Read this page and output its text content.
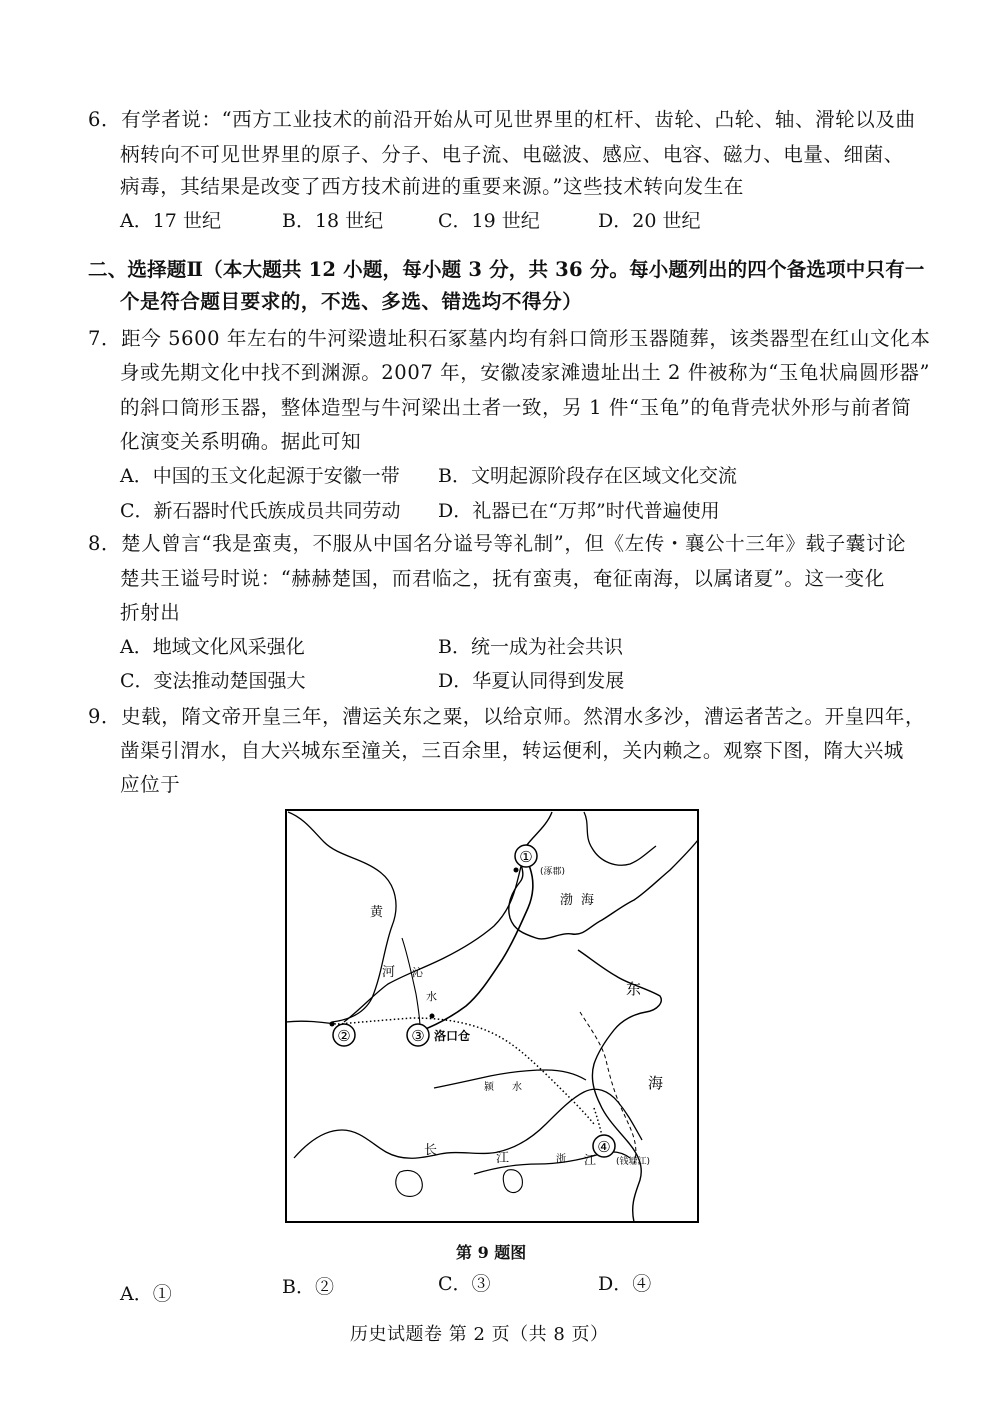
6．有学者说：“西方工业技术的前沿开始从可见世界里的杠杆、齿轮、凸轮、轴、滑轮以及曲
柄转向不可见世界里的原子、分子、电子流、电磁波、感应、电容、磁力、电量、细菌、
病毒，其结果是改变了西方技术前进的重要来源。”这些技术转向发生在
A．17 世纪	B．18 世纪	C．19 世纪	D．20 世纪
二、选择题Ⅱ（本大题共 12 小题，每小题 3 分，共 36 分。每小题列出的四个备选项中只有一
个是符合题目要求的，不选、多选、错选均不得分）
7．距今 5600 年左右的牛河梁遗址积石冢墓内均有斜口筒形玉器随葬，该类器型在红山文化本
身或先期文化中找不到渊源。2007 年，安徽凌家滩遗址出土 2 件被称为“玉龟状扁圆形器”
的斜口筒形玉器，整体造型与牛河梁出土者一致，另 1 件“玉龟”的龟背壳状外形与前者简
化演变关系明确。据此可知
A．中国的玉文化起源于安徽一带 B．文明起源阶段存在区域文化交流
C．新石器时代氏族成员共同劳动 D．礼器已在“万邦”时代普遍使用
8．楚人曾言“我是蛮夷，不服从中国名分谥号等礼制”，但《左传・襄公十三年》载子囊讨论
楚共王谥号时说：“赫赫楚国，而君临之，抚有蛮夷，奄征南海，以属诸夏”。这一变化
折射出
A．地域文化风采强化	B．统一成为社会共识
C．变法推动楚国强大	D．华夏认同得到发展
9．史载，隋文帝开皇三年，漕运关东之粟，以给京师。然渭水多沙，漕运者苦之。开皇四年，
凿渠引渭水，自大兴城东至潼关，三百余里，转运便利，关内赖之。观察下图，隋大兴城
应位于
①
②	③
④
(涿郡)
渤海
黄
河 沁
水
洛口仓
东
海
颍 水
长
江	浙 江 (钱塘江)
第 9 题图
A．①	B．②	C．③	D．④
历史试题卷 第 2 页（共 8 页）
